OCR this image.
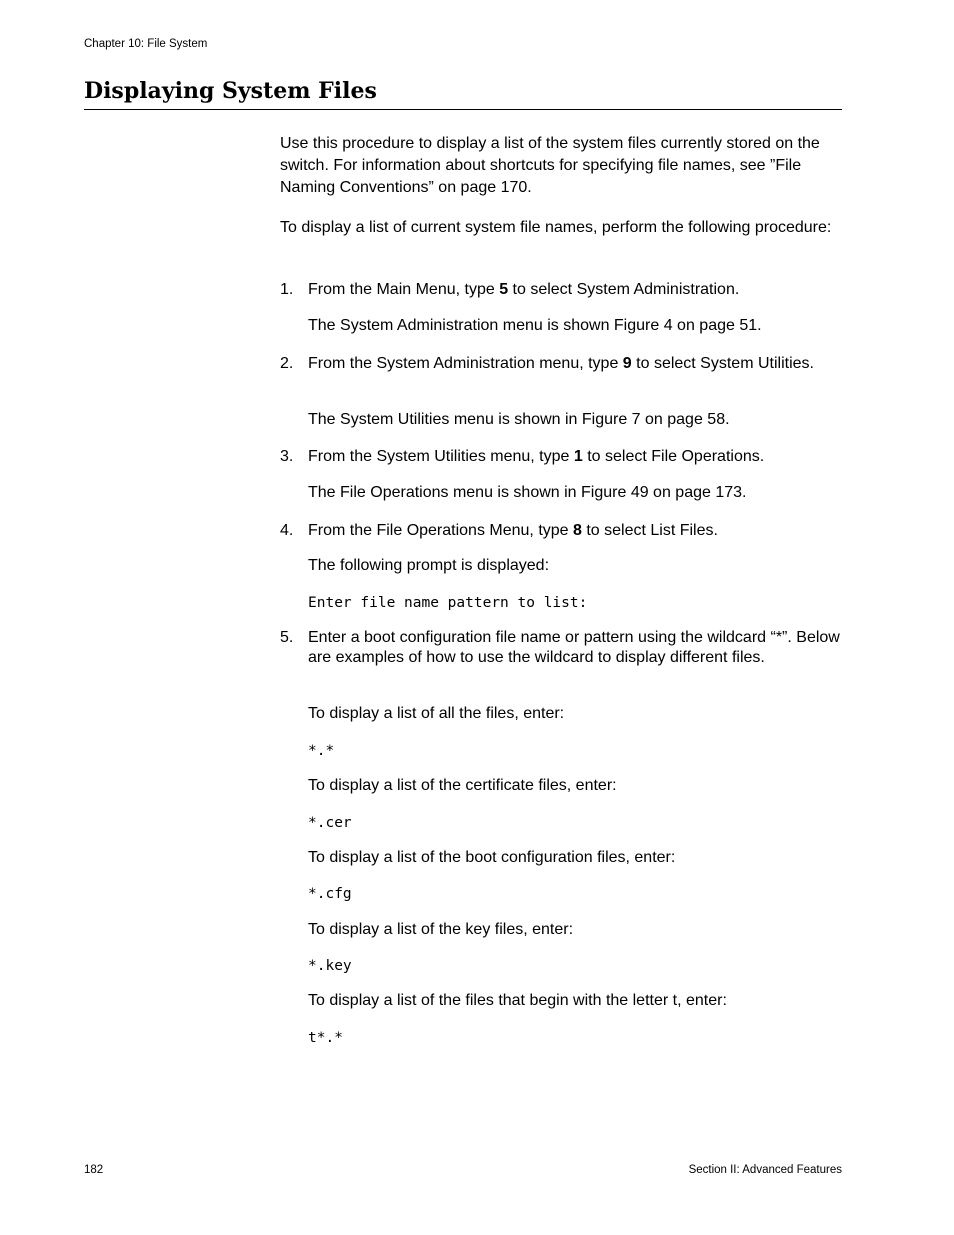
Chapter 10: File System
Displaying System Files

Use this procedure to display a list of the system files currently stored on the switch. For information about shortcuts for specifying file names, see ”File Naming Conventions” on page 170.

To display a list of current system file names, perform the following procedure:

1. From the Main Menu, type 5 to select System Administration.

The System Administration menu is shown Figure 4 on page 51.

2. From the System Administration menu, type 9 to select System Utilities.

The System Utilities menu is shown in Figure 7 on page 58.

3. From the System Utilities menu, type 1 to select File Operations.

The File Operations menu is shown in Figure 49 on page 173.

4. From the File Operations Menu, type 8 to select List Files.

The following prompt is displayed:

Enter file name pattern to list:
5. Enter a boot configuration file name or pattern using the wildcard “*”. Below are examples of how to use the wildcard to display different files.

To display a list of all the files, enter:

*.*

To display a list of the certificate files, enter:

*.cer

To display a list of the boot configuration files, enter:

*.cfg

To display a list of the key files, enter:

*.key

To display a list of the files that begin with the letter t, enter:

t*.*
182	Section II: Advanced Features
